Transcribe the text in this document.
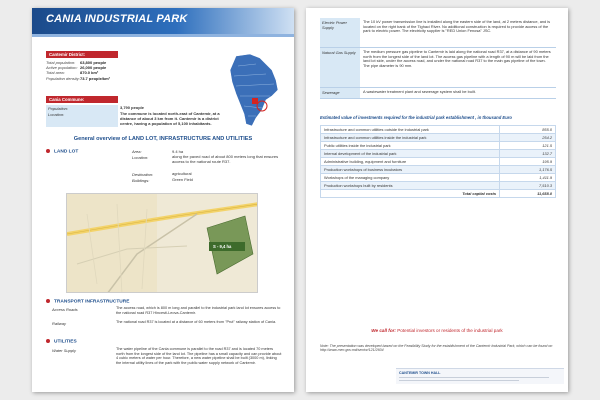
CANIA INDUSTRIAL PARK
Cantemir District:
Total population:	63,800 people
Active population: 26,000 people
Total area:	870.0 km²
Population density: 73.7 people/km²
Cania Commune:
Population:	3,790 people
Location:	The commune is located north-east of Cantemir, at a distance of about 3 km from it. Cantemir is a district centre, having a population of 5,100 inhabitants.
General overview of LAND LOT, INFRASTRUCTURE AND UTILITIES
LAND LOT	Area:	9.4 ha
Location:	along the paved road of about 800 meters long that ensures access to the national route R37.
Destination:	agricultural
Buildings:	Green Field
S - 9,4 ha
TRANSPORT INFRASTRUCTURE
Access Roads	The access road, which is 800 m long and parallel to the industrial park land lot ensures access to the national road R37 Hincesti-Leova-Cantemir.
Railway	The national road R37 is located at a distance of 60 meters from "Prut" railway station of Cania.
UTILITIES
Water Supply	The water pipeline of the Cania commune is parallel to the road R37 and is located 70 meters north from the longest side of the land lot. The pipeline has a small capacity and can provide about 4 cubic meters of water per hour. Therefore, a new water pipeline shall be built (3000 m), linking the internal utility lines of the park with the public water supply network of Cantemir.
Electric Power Supply
The 10 kV power transmission line is installed along the eastern side of the land, at 2 meters distance, and is located on the right bank of the Tighaci River. No additional construction is required to provide access of the park to electric power. The electricity supplier is "RED Union Fenosa" JSC.
Natural Gas Supply	The medium pressure gas pipeline to Cantemir is laid along the national road R37, at a distance of 90 meters north from the longest side of the land lot. The access gas pipeline with a length of 90 m will be laid from the land lot side, under the access road, and under the national road R37 to the main gas pipeline of the town. The pipe diameter is 90 mm.
Sewerage	A wastewater treatment plant and sewerage system shall be built.
Estimated value of investments required for the industrial park establishment , in thousand Euro
Infrastructure and common utilities outside the industrial park	855.0
Infrastructure and common utilities inside the industrial park	254.2
Public utilities inside the industrial park	121.5
Internal development of the industrial park	132.7
Administrative building, equipment and furniture	195.9
Production workshops of business incubators	1,176.5
Workshops of the managing company	1,411.9
Production workshops built by residents	7,510.3
Total capital costs	11,658.0
We call for: Potential investors or residents of the industrial park
Note: The presentation was developed based on the Feasibility Study for the establishment of the Cantemir Industrial Park, which can be found on http://www.mec.gov.md/sector/121/2604
CANTEMIR TOWN HALL
